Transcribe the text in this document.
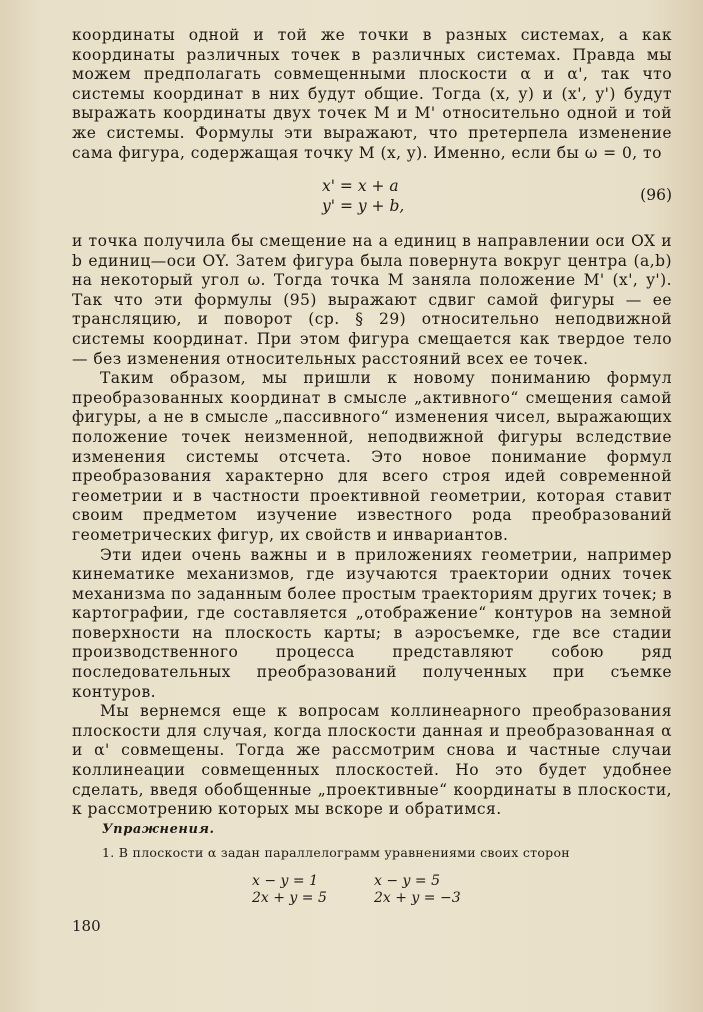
координаты одной и той же точки в разных системах, а как координаты различных точек в различных системах. Правда мы можем предполагать совмещенными плоскости α и α', так что системы координат в них будут общие. Тогда (x, y) и (x', y') будут выражать координаты двух точек M и M' относительно одной и той же системы. Формулы эти выражают, что претерпела изменение сама фигура, содержащая точку M (x, y). Именно, если бы ω = 0, то

x' = x + a
y' = y + b,
(96)

и точка получила бы смещение на a единиц в направлении оси OX и b единиц—оси OY. Затем фигура была повернута вокруг центра (a,b) на некоторый угол ω. Тогда точка M заняла положение M' (x', y'). Так что эти формулы (95) выражают сдвиг самой фигуры — ее трансляцию, и поворот (ср. § 29) относительно неподвижной системы координат. При этом фигура смещается как твердое тело — без изменения относительных расстояний всех ее точек.

Таким образом, мы пришли к новому пониманию формул преобразованных координат в смысле „активного“ смещения самой фигуры, а не в смысле „пассивного“ изменения чисел, выражающих положение точек неизменной, неподвижной фигуры вследствие изменения системы отсчета. Это новое понимание формул преобразования характерно для всего строя идей современной геометрии и в частности проективной геометрии, которая ставит своим предметом изучение известного рода преобразований геометрических фигур, их свойств и инвариантов.

Эти идеи очень важны и в приложениях геометрии, например кинематике механизмов, где изучаются траектории одних точек механизма по заданным более простым траекториям других точек; в картографии, где составляется „отображение“ контуров на земной поверхности на плоскость карты; в аэросъемке, где все стадии производственного процесса представляют собою ряд последовательных преобразований полученных при съемке контуров.

Мы вернемся еще к вопросам коллинеарного преобразования плоскости для случая, когда плоскости данная и преобразованная α и α' совмещены. Тогда же рассмотрим снова и частные случаи коллинеации совмещенных плоскостей. Но это будет удобнее сделать, введя обобщенные „проективные“ координаты в плоскости, к рассмотрению которых мы вскоре и обратимся.

Упражнения.
1. В плоскости α задан параллелограмм уравнениями своих сторон
x − y = 1
2x + y = 5
x − y = 5
2x + y = −3
180
